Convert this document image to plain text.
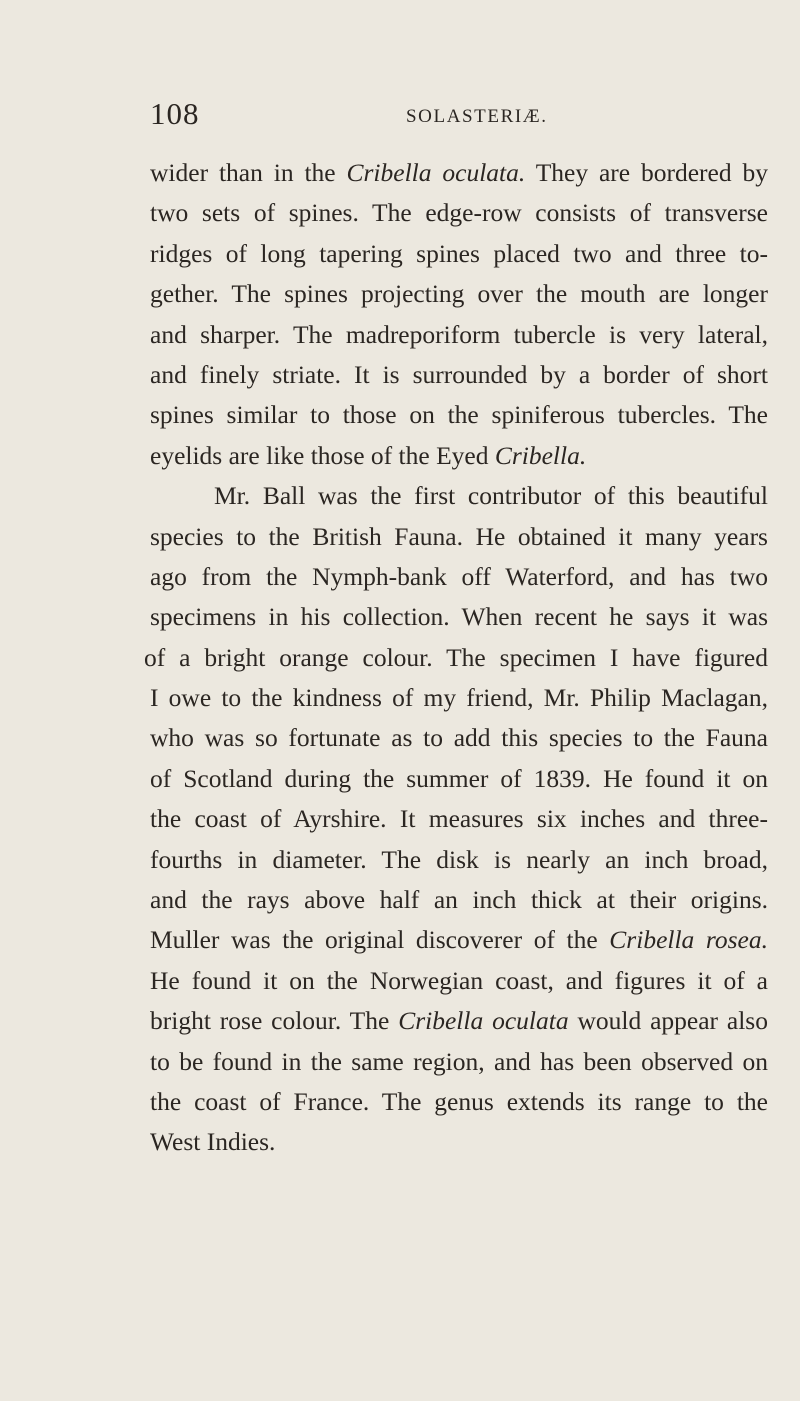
108	SOLASTERIÆ.
wider than in the Cribella oculata. They are bordered by
two sets of spines. The edge-row consists of transverse
ridges of long tapering spines placed two and three to-
gether. The spines projecting over the mouth are longer
and sharper. The madreporiform tubercle is very lateral,
and finely striate. It is surrounded by a border of short
spines similar to those on the spiniferous tubercles. The
eyelids are like those of the Eyed Cribella.
Mr. Ball was the first contributor of this beautiful
species to the British Fauna. He obtained it many years
ago from the Nymph-bank off Waterford, and has two
specimens in his collection. When recent he says it was
of a bright orange colour. The specimen I have figured
I owe to the kindness of my friend, Mr. Philip Maclagan,
who was so fortunate as to add this species to the Fauna
of Scotland during the summer of 1839. He found it on
the coast of Ayrshire. It measures six inches and three-
fourths in diameter. The disk is nearly an inch broad,
and the rays above half an inch thick at their origins.
Muller was the original discoverer of the Cribella rosea.
He found it on the Norwegian coast, and figures it of a
bright rose colour. The Cribella oculata would appear also
to be found in the same region, and has been observed on
the coast of France. The genus extends its range to the
West Indies.
